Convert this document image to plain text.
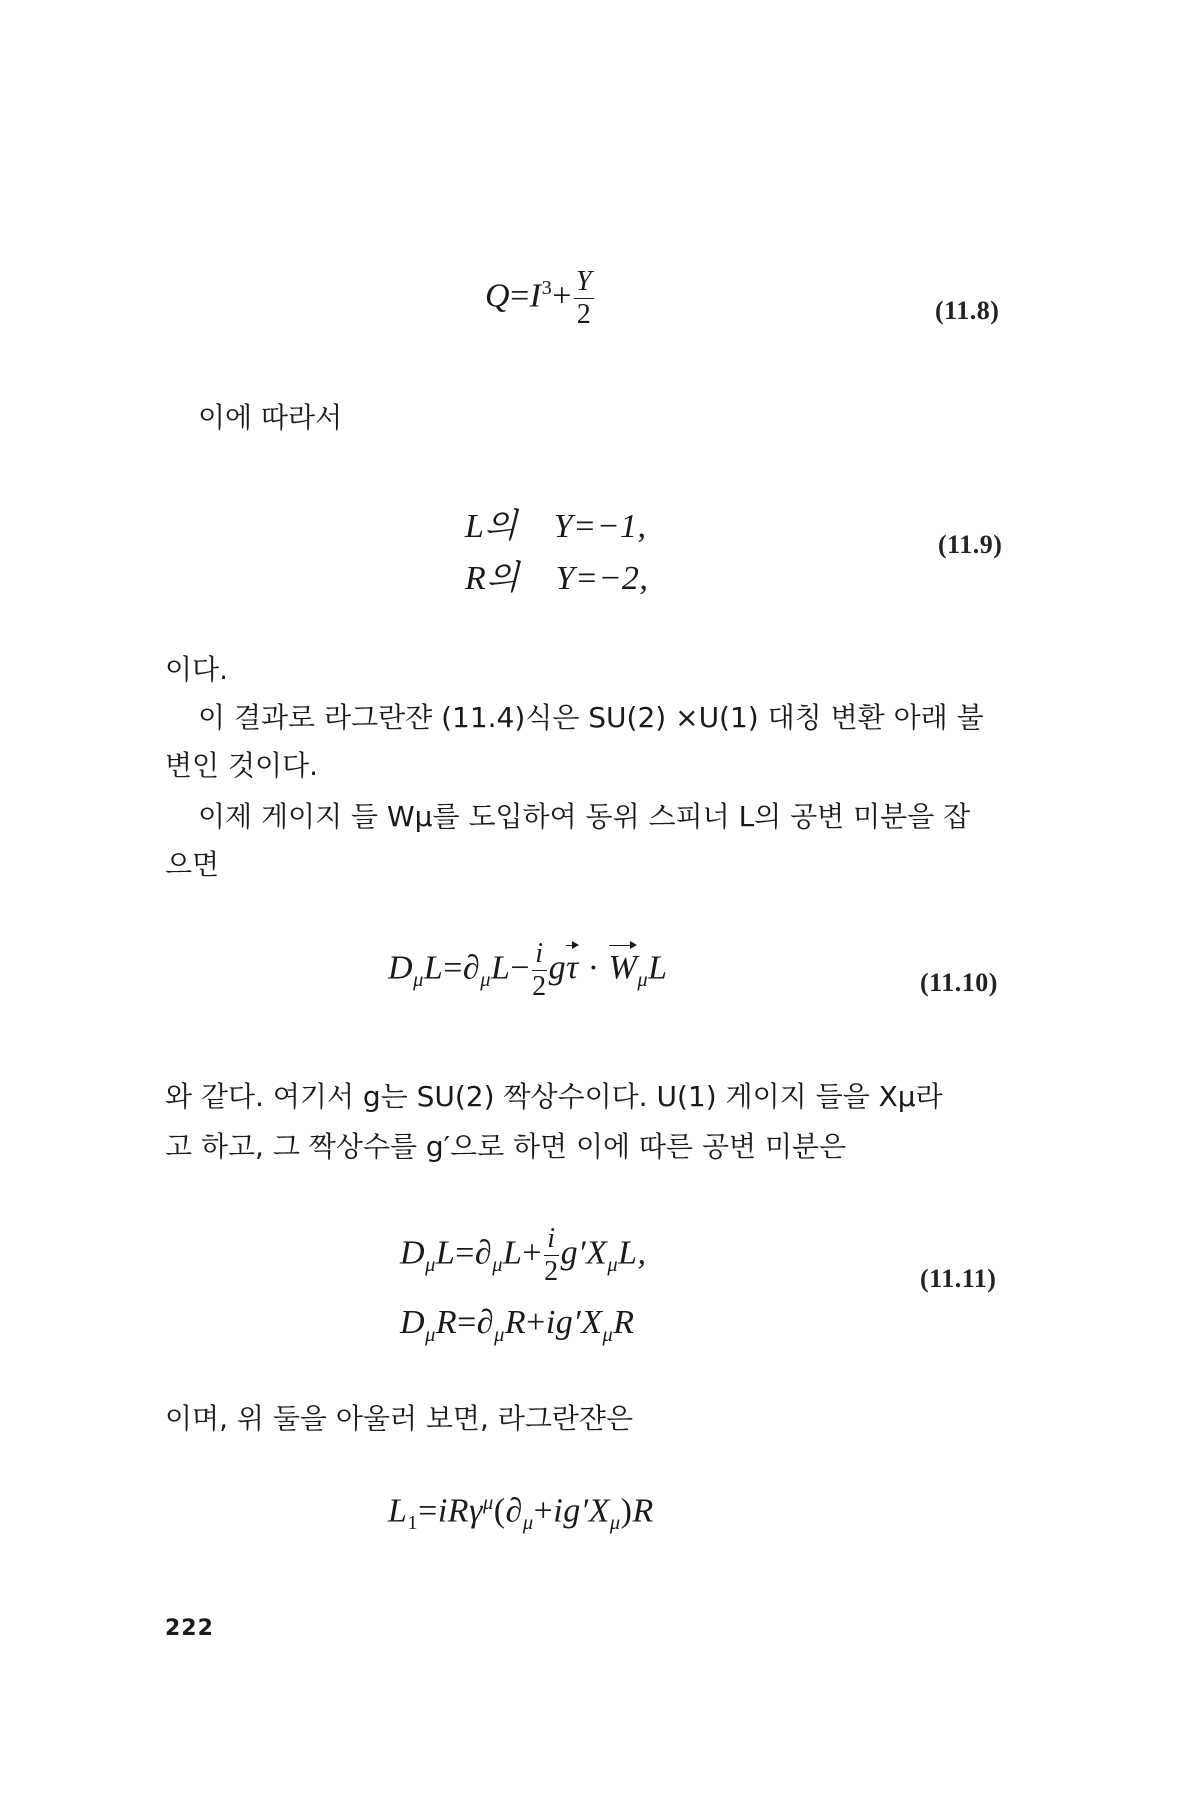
$Q=I^3+ \frac{Y}{2}$	(11.8)
이에 따라서
L의 Y=−1,
R의 Y=−2,
(11.9)
이다.
이 결과로 라그란쟌 (11.4)식은 SU(2) ×U(1) 대칭 변환 아래 불
변인 것이다.
이제 게이지 들 Wμ를 도입하여 동위 스피너 L의 공변 미분을 잡
으면
$D_\mu L=\partial_\mu L- \frac{i}{2}$ $g\tau \cdot W_\mu L$	(11.10)
와 같다. 여기서 g는 SU(2) 짝상수이다. U(1) 게이지 들을 Xμ라
고 하고, 그 짝상수를 g′으로 하면 이에 따른 공변 미분은
$D_\mu L=\partial_\mu L+ \frac{i}{2} g'X_\mu L$,
$D_\mu R=\partial_\mu R+ig'X_\mu R$
(11.11)
이며, 위 둘을 아울러 보면, 라그란쟌은
$L_1=iR\gamma^\mu(\partial_\mu+ig'X_\mu)R$
222
